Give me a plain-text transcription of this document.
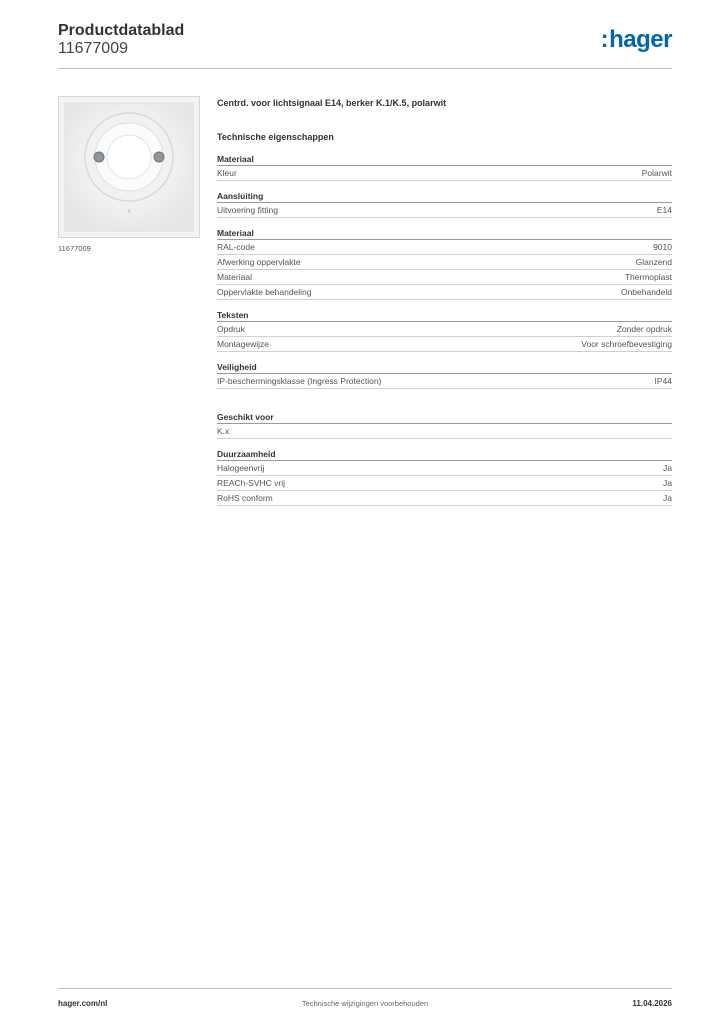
Productdatablad
11677009	:hager
11677009
Centrd. voor lichtsignaal E14, berker K.1/K.5, polarwit
Technische eigenschappen
Materiaal
Kleur	Polarwit
Aansluiting
Uitvoering fitting	E14
Materiaal
RAL-code	9010
Afwerking oppervlakte	Glanzend
Materiaal	Thermoplast
Oppervlakte behandeling	Onbehandeld
Teksten
Opdruk	Zonder opdruk
Montagewijze	Voor schroefbevestiging
Veiligheid
IP-beschermingsklasse (Ingress Protection)	IP44
Geschikt voor
K.x
Duurzaamheid
Halogeenvrij	Ja
REACh-SVHC vrij	Ja
RoHS conform	Ja
hager.com/nl	Technische wijzigingen voorbehouden	11.04.2026
